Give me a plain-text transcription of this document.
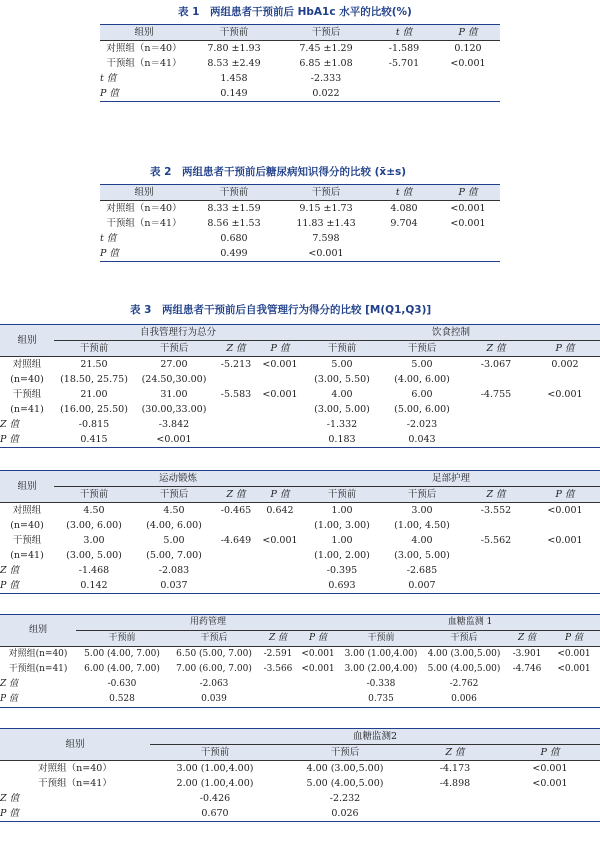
表 1　两组患者干预前后 HbA1c 水平的比较(%)
组别	干预前	干预后	t 值	P 值
对照组（n＝40）	7.80 ±1.93	7.45 ±1.29	-1.589	0.120
干预组（n＝41）	8.53 ±2.49	6.85 ±1.08	-5.701	<0.001
t 值	1.458	-2.333		
P 值	0.149	0.022		
表 2　两组患者干预前后糖尿病知识得分的比较 (x̄±s)
组别	干预前	干预后	t 值	P 值
对照组（n＝40）	8.33 ±1.59	9.15 ±1.73	4.080	<0.001
干预组（n＝41）	8.56 ±1.53	11.83 ±1.43	9.704	<0.001
t 值	0.680	7.598		
P 值	0.499	<0.001		
表 3　两组患者干预前后自我管理行为得分的比较 [M(Q1,Q3)]
组别	自我管理行为总分				饮食控制			
	干预前	干预后	Z 值	P 值	干预前	干预后	Z 值	P 值
对照组	21.50	27.00	-5.213	<0.001	5.00	5.00	-3.067	0.002
(n=40)	(18.50, 25.75)	(24.50,30.00)			(3.00, 5.50)	(4.00, 6.00)		
干预组	21.00	31.00	-5.583	<0.001	4.00	6.00	-4.755	<0.001
(n=41)	(16.00, 25.50)	(30.00,33.00)			(3.00, 5.00)	(5.00, 6.00)		
Z 值	-0.815	-3.842			-1.332	-2.023		
P 值	0.415	<0.001			0.183	0.043		
组别	运动锻炼				足部护理			
	干预前	干预后	Z 值	P 值	干预前	干预后	Z 值	P 值
对照组	4.50	4.50	-0.465	0.642	1.00	3.00	-3.552	<0.001
(n=40)	(3.00, 6.00)	(4.00, 6.00)			(1.00, 3.00)	(1.00, 4.50)		
干预组	3.00	5.00	-4.649	<0.001	1.00	4.00	-5.562	<0.001
(n=41)	(3.00, 5.00)	(5.00, 7.00)			(1.00, 2.00)	(3.00, 5.00)		
Z 值	-1.468	-2.083			-0.395	-2.685		
P 值	0.142	0.037			0.693	0.007		
组别	用药管理				血糖监测 1			
	干预前	干预后	Z 值	P 值	干预前	干预后	Z 值	P 值
对照组(n=40)	5.00 (4.00, 7.00)	6.50 (5.00, 7.00)	-2.591	<0.001	3.00 (1.00,4.00)	4.00 (3.00,5.00)	-3.901	<0.001
干预组(n=41)	6.00 (4.00, 7.00)	7.00 (6.00, 7.00)	-3.566	<0.001	3.00 (2.00,4.00)	5.00 (4.00,5.00)	-4.746	<0.001
Z 值	-0.630	-2.063			-0.338	-2.762		
P 值	0.528	0.039			0.735	0.006		
组别	血糖监测2			
	干预前	干预后	Z 值	P 值
对照组（n=40）	3.00 (1.00,4.00)	4.00 (3.00,5.00)	-4.173	<0.001
干预组（n=41）	2.00 (1.00,4.00)	5.00 (4.00,5.00)	-4.898	<0.001
Z 值	-0.426	-2.232		
P 值	0.670	0.026		
